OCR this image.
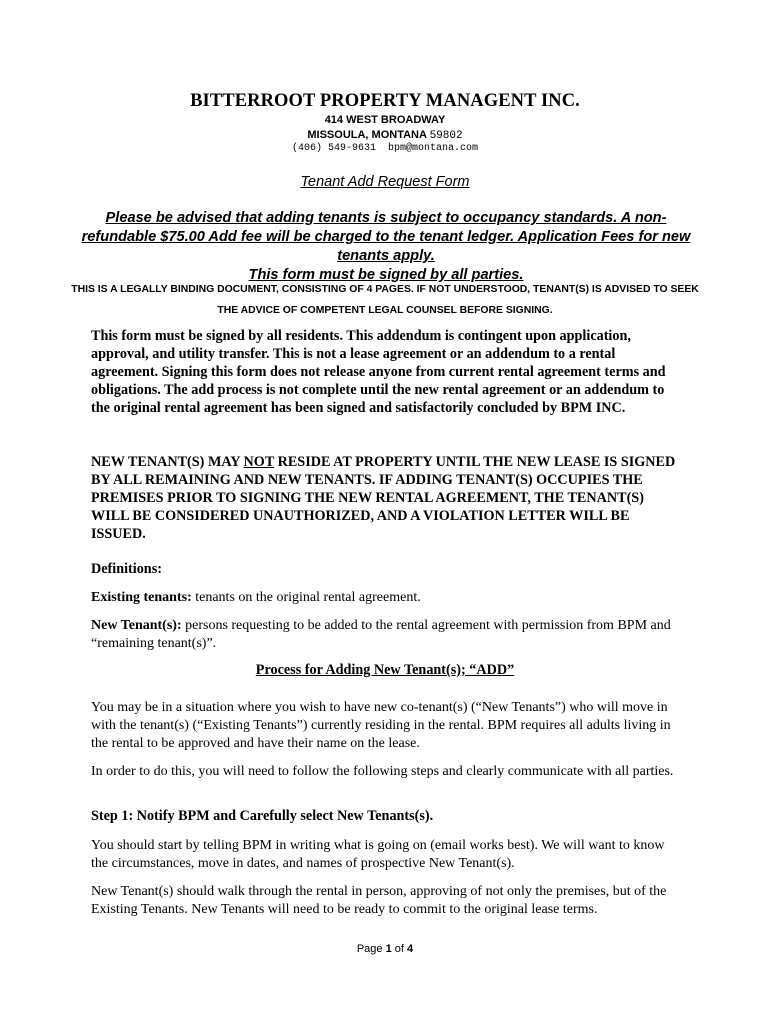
BITTERROOT PROPERTY MANAGENT INC.
414 WEST BROADWAY
MISSOULA, MONTANA 59802
(406) 549-9631  bpm@montana.com
Tenant Add Request Form
Please be advised that adding tenants is subject to occupancy standards. A non-refundable $75.00 Add fee will be charged to the tenant ledger. Application Fees for new tenants apply.
This form must be signed by all parties.
THIS IS A LEGALLY BINDING DOCUMENT, CONSISTING OF 4 PAGES. IF NOT UNDERSTOOD, TENANT(S) IS ADVISED TO SEEK THE ADVICE OF COMPETENT LEGAL COUNSEL BEFORE SIGNING.

This form must be signed by all residents. This addendum is contingent upon application, approval, and utility transfer. This is not a lease agreement or an addendum to a rental agreement. Signing this form does not release anyone from current rental agreement terms and obligations. The add process is not complete until the new rental agreement or an addendum to the original rental agreement has been signed and satisfactorily concluded by BPM INC.

NEW TENANT(S) MAY NOT RESIDE AT PROPERTY UNTIL THE NEW LEASE IS SIGNED BY ALL REMAINING AND NEW TENANTS. IF ADDING TENANT(S) OCCUPIES THE PREMISES PRIOR TO SIGNING THE NEW RENTAL AGREEMENT, THE TENANT(S) WILL BE CONSIDERED UNAUTHORIZED, AND A VIOLATION LETTER WILL BE ISSUED.

Definitions:

Existing tenants: tenants on the original rental agreement.

New Tenant(s): persons requesting to be added to the rental agreement with permission from BPM and “remaining tenant(s)”.

Process for Adding New Tenant(s); “ADD”

You may be in a situation where you wish to have new co-tenant(s) (“New Tenants”) who will move in with the tenant(s) (“Existing Tenants”) currently residing in the rental. BPM requires all adults living in the rental to be approved and have their name on the lease.

In order to do this, you will need to follow the following steps and clearly communicate with all parties.

Step 1: Notify BPM and Carefully select New Tenants(s).

You should start by telling BPM in writing what is going on (email works best). We will want to know the circumstances, move in dates, and names of prospective New Tenant(s).

New Tenant(s) should walk through the rental in person, approving of not only the premises, but of the Existing Tenants. New Tenants will need to be ready to commit to the original lease terms.

Page 1 of 4
